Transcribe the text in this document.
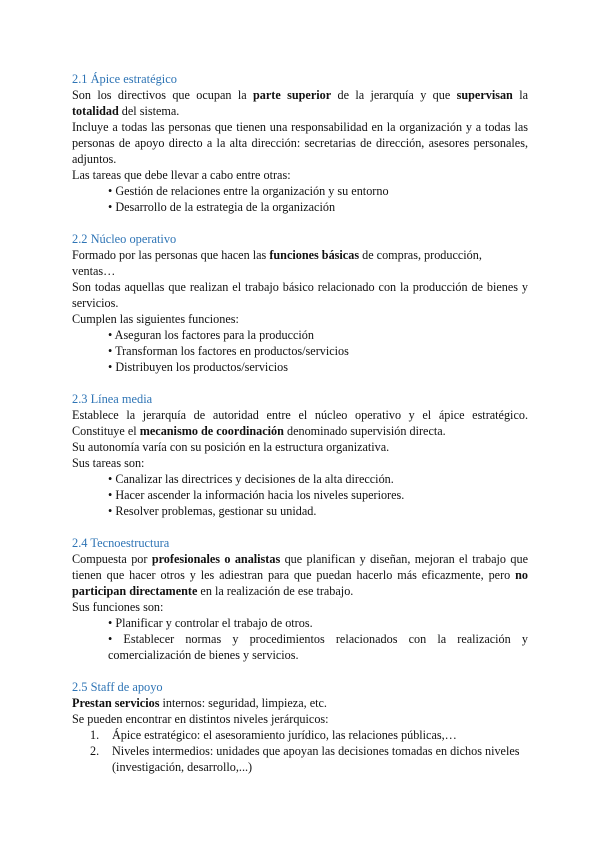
2.1 Ápice estratégico

Son los directivos que ocupan la parte superior de la jerarquía y que supervisan la totalidad del sistema.

Incluye a todas las personas que tienen una responsabilidad en la organización y a todas las personas de apoyo directo a la alta dirección: secretarias de dirección, asesores personales, adjuntos.

Las tareas que debe llevar a cabo entre otras:

• Gestión de relaciones entre la organización y su entorno
• Desarrollo de la estrategia de la organización
2.2 Núcleo operativo

Formado por las personas que hacen las funciones básicas de compras, producción, ventas…

Son todas aquellas que realizan el trabajo básico relacionado con la producción de bienes y servicios.

Cumplen las siguientes funciones:

• Aseguran los factores para la producción
• Transforman los factores en productos/servicios
• Distribuyen los productos/servicios
2.3 Línea media

Establece la jerarquía de autoridad entre el núcleo operativo y el ápice estratégico. Constituye el mecanismo de coordinación denominado supervisión directa.

Su autonomía varía con su posición en la estructura organizativa.

Sus tareas son:

• Canalizar las directrices y decisiones de la alta dirección.
• Hacer ascender la información hacia los niveles superiores.
• Resolver problemas, gestionar su unidad.
2.4 Tecnoestructura

Compuesta por profesionales o analistas que planifican y diseñan, mejoran el trabajo que tienen que hacer otros y les adiestran para que puedan hacerlo más eficazmente, pero no participan directamente en la realización de ese trabajo.

Sus funciones son:

• Planificar y controlar el trabajo de otros.
• Establecer normas y procedimientos relacionados con la realización y comercialización de bienes y servicios.
2.5 Staff de apoyo

Prestan servicios internos: seguridad, limpieza, etc.

Se pueden encontrar en distintos niveles jerárquicos:

1. Ápice estratégico: el asesoramiento jurídico, las relaciones públicas,…
2. Niveles intermedios: unidades que apoyan las decisiones tomadas en dichos niveles (investigación, desarrollo,...)
